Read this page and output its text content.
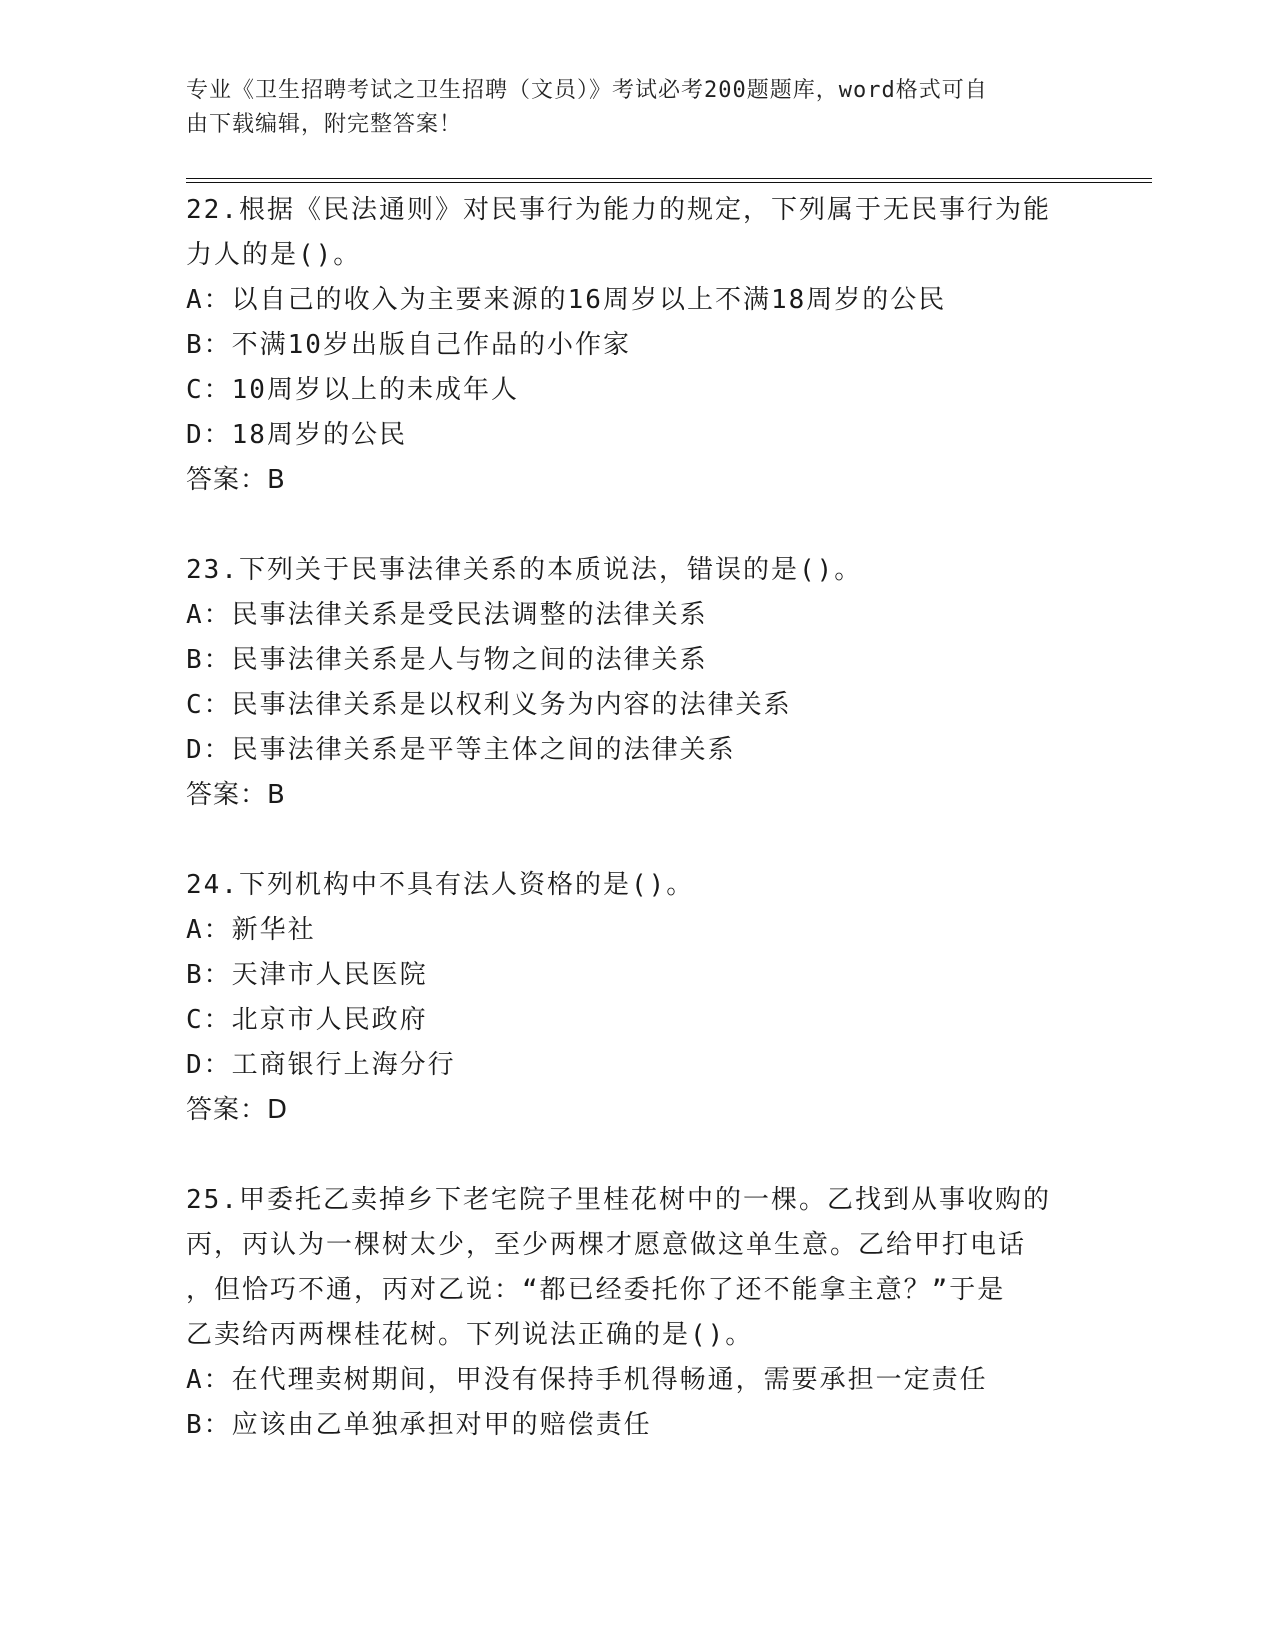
专业《卫生招聘考试之卫生招聘（文员）》考试必考200题题库，word格式可自
由下载编辑，附完整答案！

22.根据《民法通则》对民事行为能力的规定，下列属于无民事行为能

力人的是()。

A：以自己的收入为主要来源的16周岁以上不满18周岁的公民

B：不满10岁出版自己作品的小作家

C：10周岁以上的未成年人

D：18周岁的公民

答案：B

23.下列关于民事法律关系的本质说法，错误的是()。

A：民事法律关系是受民法调整的法律关系

B：民事法律关系是人与物之间的法律关系

C：民事法律关系是以权利义务为内容的法律关系

D：民事法律关系是平等主体之间的法律关系

答案：B

24.下列机构中不具有法人资格的是()。

A：新华社

B：天津市人民医院

C：北京市人民政府

D：工商银行上海分行

答案：D

25.甲委托乙卖掉乡下老宅院子里桂花树中的一棵。乙找到从事收购的

丙，丙认为一棵树太少，至少两棵才愿意做这单生意。乙给甲打电话

，但恰巧不通，丙对乙说：“都已经委托你了还不能拿主意？”于是

乙卖给丙两棵桂花树。下列说法正确的是()。

A：在代理卖树期间，甲没有保持手机得畅通，需要承担一定责任

B：应该由乙单独承担对甲的赔偿责任
